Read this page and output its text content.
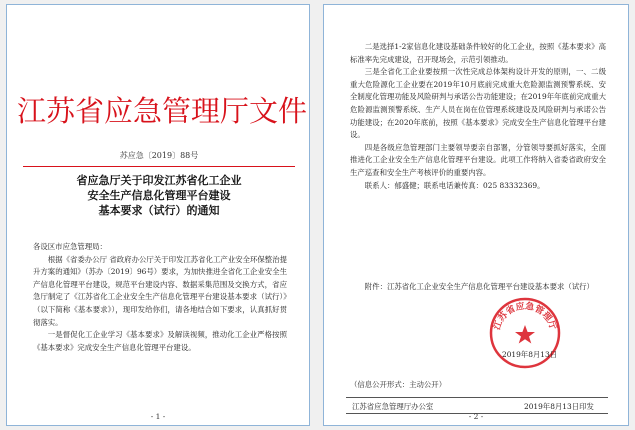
江苏省应急管理厅文件
苏应急〔2019〕88号
省应急厅关于印发江苏省化工企业
安全生产信息化管理平台建设
基本要求（试行）的通知

各设区市应急管理局：

根据《省委办公厅 省政府办公厅关于印发江苏省化工产业安全环保整治提升方案的通知》（苏办〔2019〕96号）要求，为加快推进全省化工企业安全生产信息化管理平台建设，规范平台建设内容、数据采集范围及交换方式，省应急厅制定了《江苏省化工企业安全生产信息化管理平台建设基本要求（试行）》（以下简称《基本要求》），现印发给你们，请各地结合如下要求，认真抓好贯彻落实。

一是督促化工企业学习《基本要求》及解读视频，推动化工企业严格按照《基本要求》完成安全生产信息化管理平台建设。

- 1 -

二是选择1-2家信息化建设基础条件较好的化工企业，按照《基本要求》高标准率先完成建设，召开现场会，示范引领推动。

三是全省化工企业要按照一次性完成总体架构设计开发的原则，一、二级重大危险源化工企业要在2019年10月底前完成重大危险源监测预警系统、安全制度化管理功能及风险研判与承诺公告功能建设；在2019年年底前完成重大危险源监测预警系统、生产人员在岗在位管理系统建设及风险研判与承诺公告功能建设；在2020年底前，按照《基本要求》完成安全生产信息化管理平台建设。

四是各级应急管理部门主要领导要亲自部署，分管领导要抓好落实，全面推进化工企业安全生产信息化管理平台建设。此项工作将纳入省委省政府安全生产巡查和安全生产考核评价的重要内容。

联系人：郁盛健；联系电话兼传真：025 83332369。

附件：江苏省化工企业安全生产信息化管理平台建设基本要求（试行）

江苏省应急管理厅
2019年8月13日
（信息公开形式：主动公开）
江苏省应急管理厅办公室	2019年8月13日印发
- 2 -
